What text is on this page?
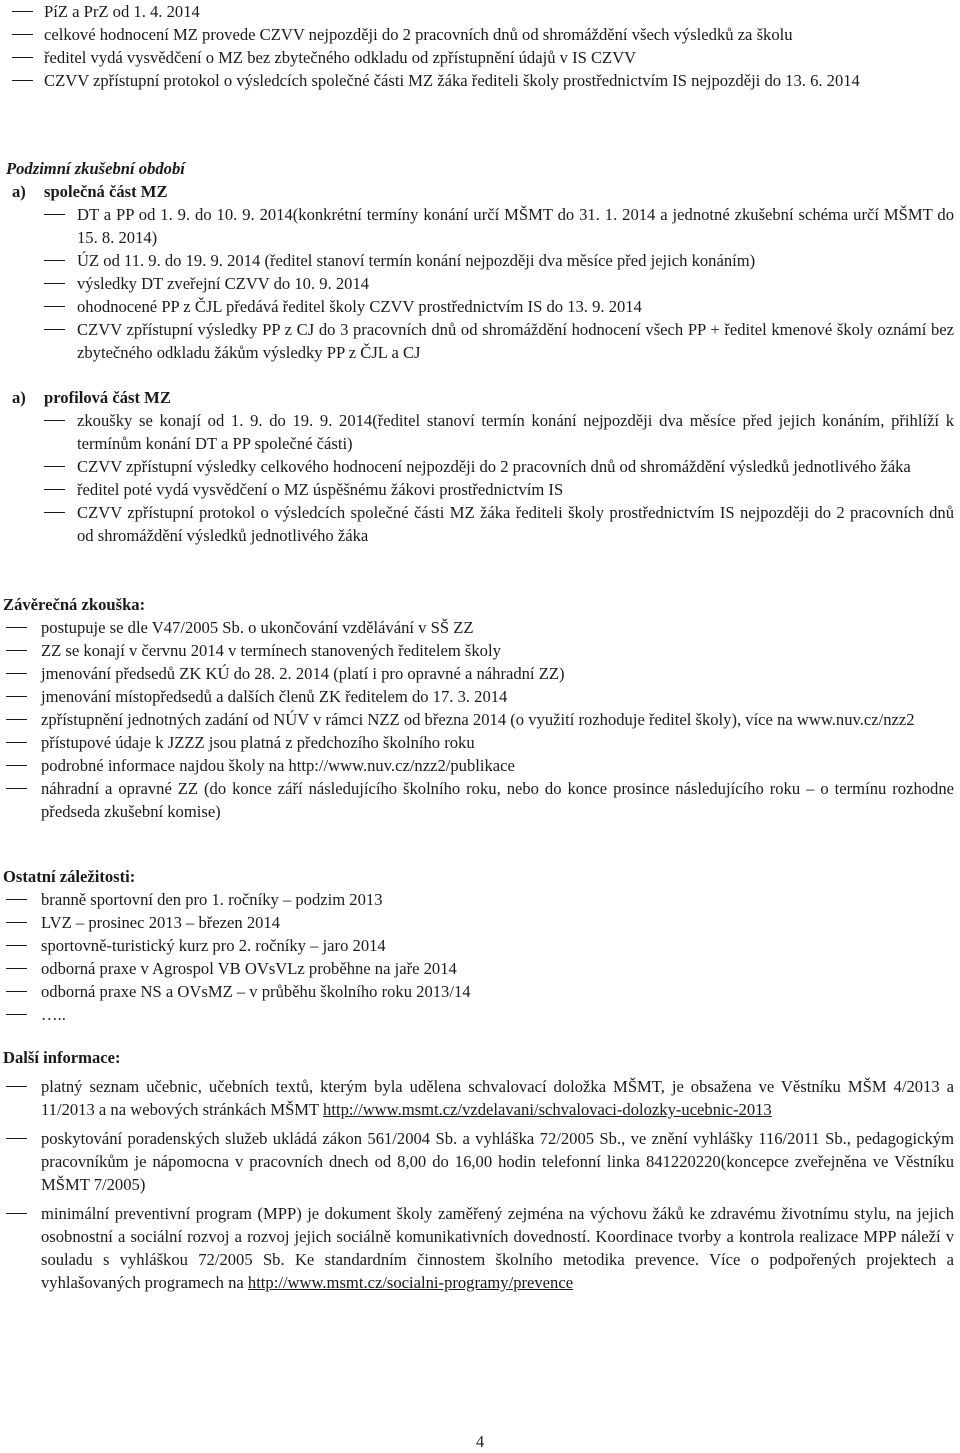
PíZ a PrZ od 1. 4. 2014
celkové hodnocení MZ provede CZVV nejpozději do 2 pracovních dnů od shromáždění všech výsledků za školu
ředitel vydá vysvědčení o MZ bez zbytečného odkladu od zpřístupnění údajů v IS CZVV
CZVV zpřístupní protokol o výsledcích společné části MZ žáka řediteli školy prostřednictvím IS nejpozději do 13. 6. 2014

Podzimní zkušební období

a) společná část MZ
DT a PP od 1. 9. do 10. 9. 2014(konkrétní termíny konání určí MŠMT do 31. 1. 2014 a jednotné zkušební schéma určí MŠMT do 15. 8. 2014)
ÚZ od 11. 9. do 19. 9. 2014 (ředitel stanoví termín konání nejpozději dva měsíce před jejich konáním)
výsledky DT zveřejní CZVV do 10. 9. 2014
ohodnocené PP z ČJL předává ředitel školy CZVV prostřednictvím IS do 13. 9. 2014
CZVV zpřístupní výsledky PP z CJ do 3 pracovních dnů od shromáždění hodnocení všech PP + ředitel kmenové školy oznámí bez zbytečného odkladu žákům výsledky PP z ČJL a CJ
a) profilová část MZ
zkoušky se konají od 1. 9. do 19. 9. 2014(ředitel stanoví termín konání nejpozději dva měsíce před jejich konáním, přihlíží k termínům konání DT a PP společné části)
CZVV zpřístupní výsledky celkového hodnocení nejpozději do 2 pracovních dnů od shromáždění výsledků jednotlivého žáka
ředitel poté vydá vysvědčení o MZ úspěšnému žákovi prostřednictvím IS
CZVV zpřístupní protokol o výsledcích společné části MZ žáka řediteli školy prostřednictvím IS nejpozději do 2 pracovních dnů od shromáždění výsledků jednotlivého žáka

Závěrečná zkouška:

postupuje se dle V47/2005 Sb. o ukončování vzdělávání v SŠ ZZ
ZZ se konají v červnu 2014 v termínech stanovených ředitelem školy
jmenování předsedů ZK KÚ do 28. 2. 2014 (platí i pro opravné a náhradní ZZ)
jmenování místopředsedů a dalších členů ZK ředitelem do 17. 3. 2014
zpřístupnění jednotných zadání od NÚV v rámci NZZ od března 2014 (o využití rozhoduje ředitel školy), více na www.nuv.cz/nzz2
přístupové údaje k JZZZ jsou platná z předchozího školního roku
podrobné informace najdou školy na http://www.nuv.cz/nzz2/publikace
náhradní a opravné ZZ (do konce září následujícího školního roku, nebo do konce prosince následujícího roku – o termínu rozhodne předseda zkušební komise)

Ostatní záležitosti:

branně sportovní den pro 1. ročníky – podzim 2013
LVZ – prosinec 2013 – březen 2014
sportovně-turistický kurz pro 2. ročníky – jaro 2014
odborná praxe v Agrospol VB OVsVLz proběhne na jaře 2014
odborná praxe NS a OVsMZ – v průběhu školního roku 2013/14
…..

Další informace:

platný seznam učebnic, učebních textů, kterým byla udělena schvalovací doložka MŠMT, je obsažena ve Věstníku MŠM 4/2013 a 11/2013 a na webových stránkách MŠMT http://www.msmt.cz/vzdelavani/schvalovaci-dolozky-ucebnic-2013
poskytování poradenských služeb ukládá zákon 561/2004 Sb. a vyhláška 72/2005 Sb., ve znění vyhlášky 116/2011 Sb., pedagogickým pracovníkům je nápomocna v pracovních dnech od 8,00 do 16,00 hodin telefonní linka 841220220(koncepce zveřejněna ve Věstníku MŠMT 7/2005)
minimální preventivní program (MPP) je dokument školy zaměřený zejména na výchovu žáků ke zdravému životnímu stylu, na jejich osobnostní a sociální rozvoj a rozvoj jejich sociálně komunikativních dovedností. Koordinace tvorby a kontrola realizace MPP náleží v souladu s vyhláškou 72/2005 Sb. Ke standardním činnostem školního metodika prevence. Více o podpořených projektech a vyhlašovaných programech na http://www.msmt.cz/socialni-programy/prevence
4
